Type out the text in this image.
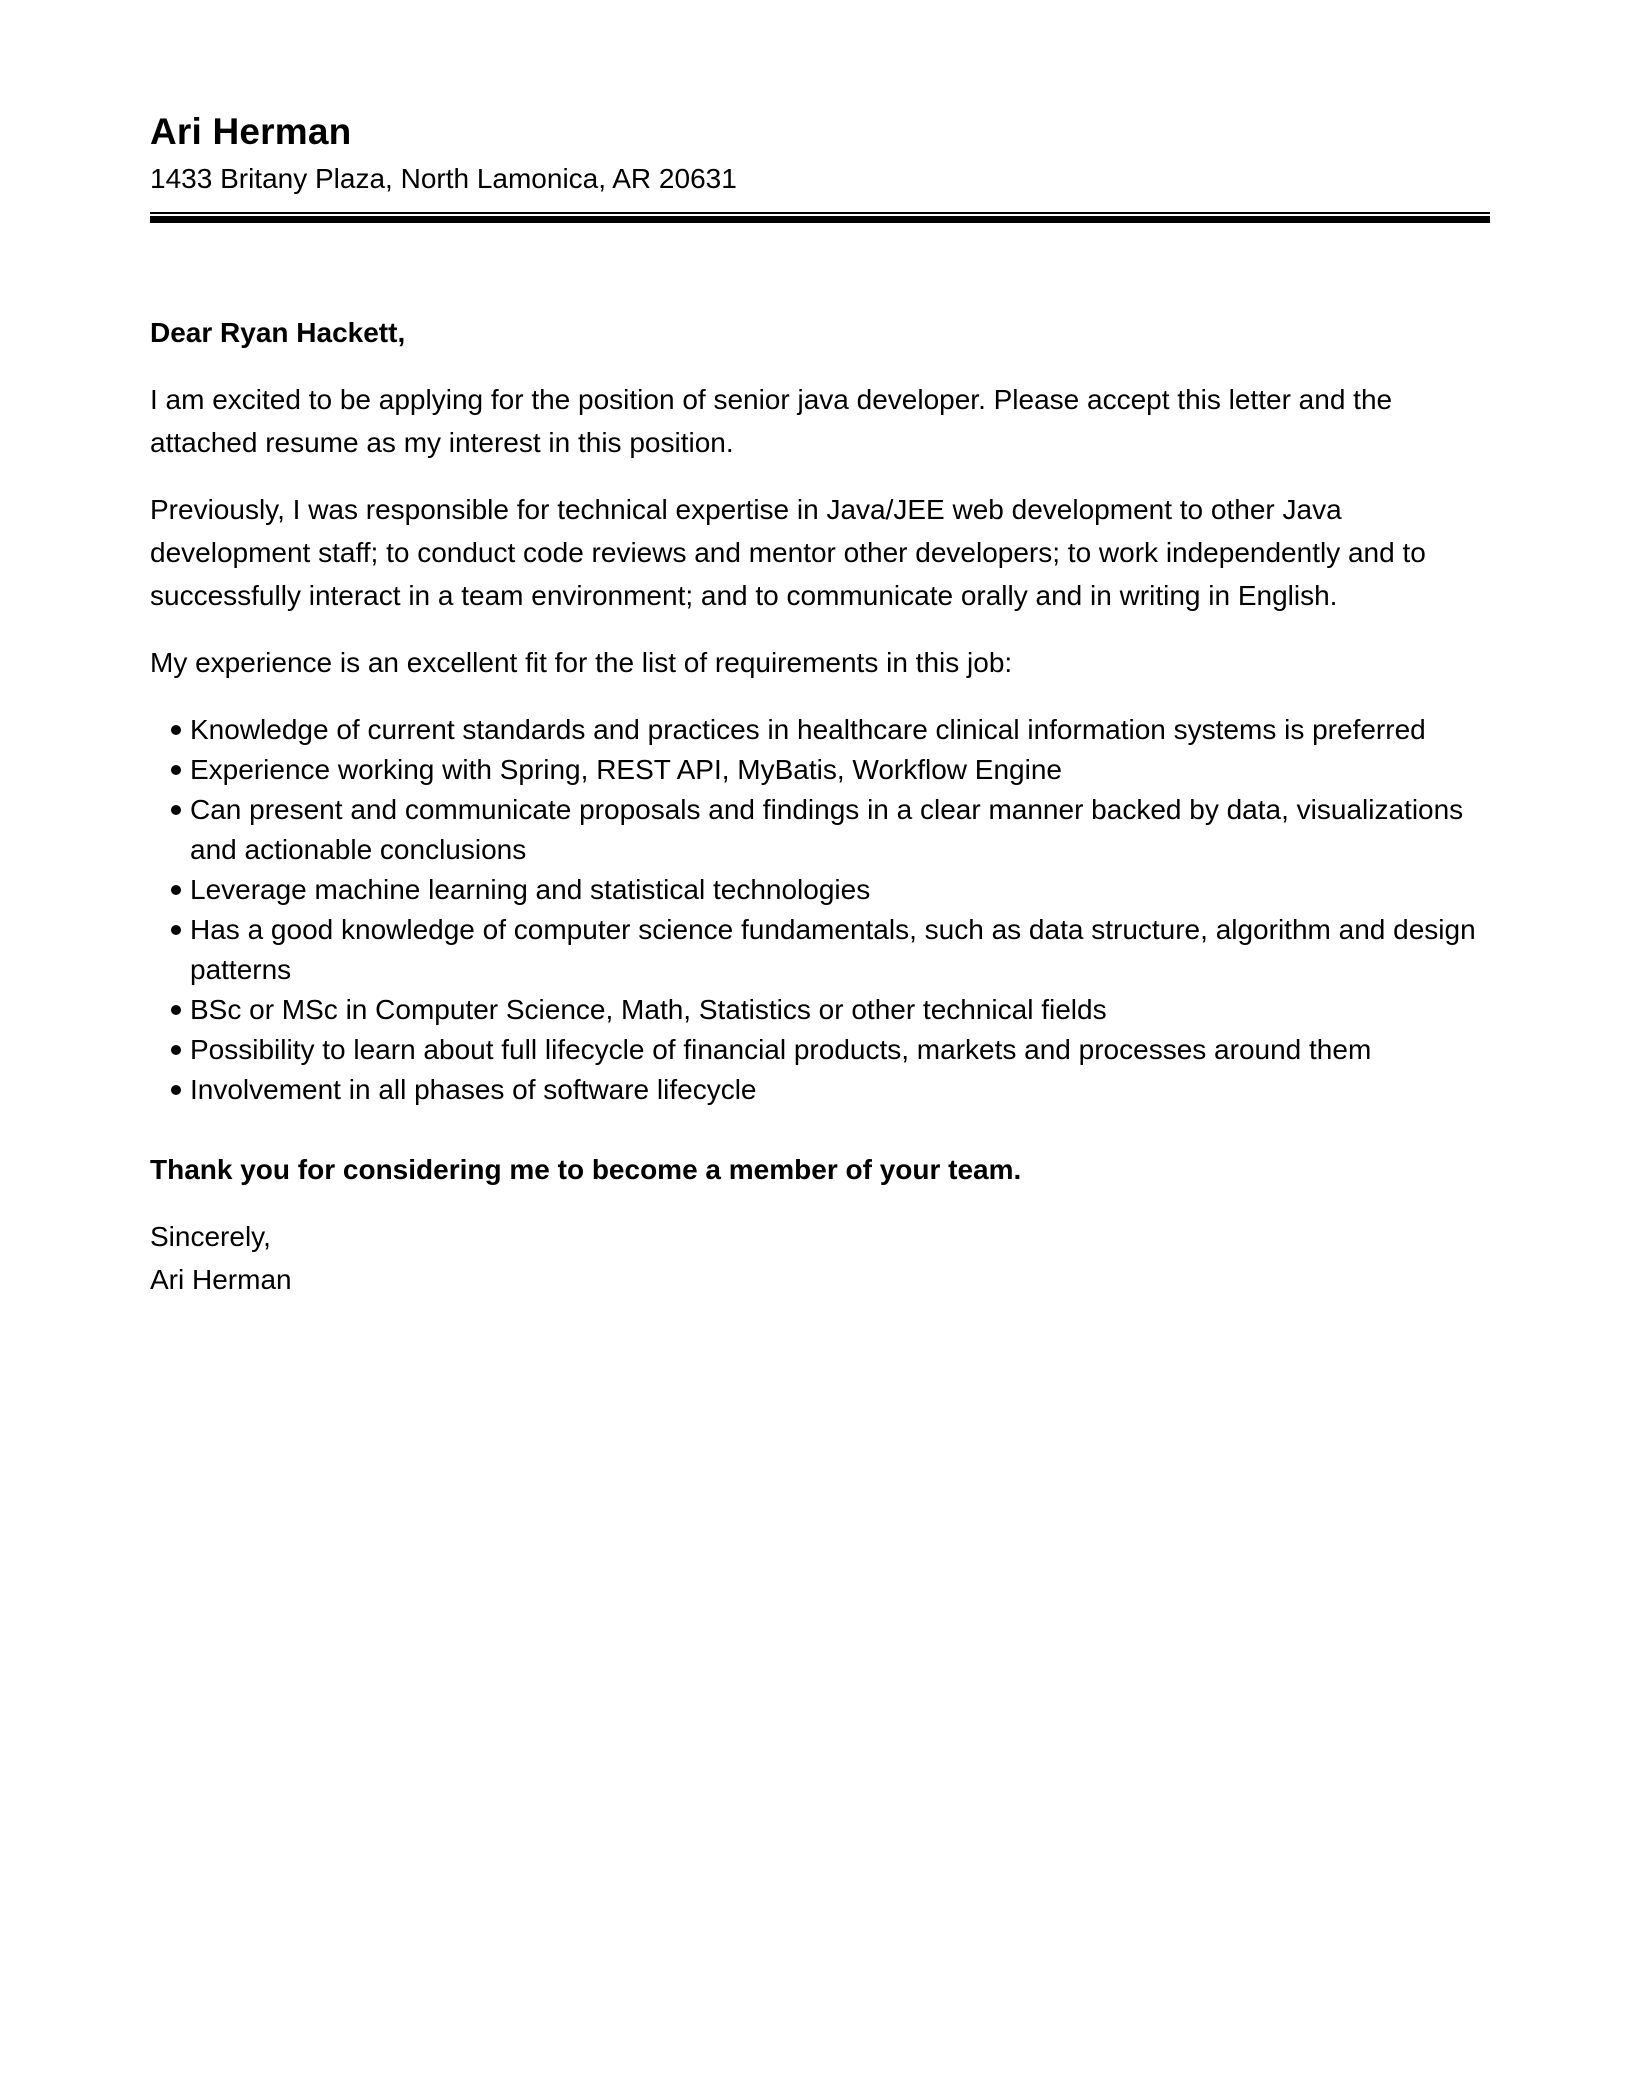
Ari Herman
1433 Britany Plaza, North Lamonica, AR 20631
Dear Ryan Hackett,
I am excited to be applying for the position of senior java developer. Please accept this letter and the attached resume as my interest in this position.
Previously, I was responsible for technical expertise in Java/JEE web development to other Java development staff; to conduct code reviews and mentor other developers; to work independently and to successfully interact in a team environment; and to communicate orally and in writing in English.
My experience is an excellent fit for the list of requirements in this job:
Knowledge of current standards and practices in healthcare clinical information systems is preferred
Experience working with Spring, REST API, MyBatis, Workflow Engine
Can present and communicate proposals and findings in a clear manner backed by data, visualizations and actionable conclusions
Leverage machine learning and statistical technologies
Has a good knowledge of computer science fundamentals, such as data structure, algorithm and design patterns
BSc or MSc in Computer Science, Math, Statistics or other technical fields
Possibility to learn about full lifecycle of financial products, markets and processes around them
Involvement in all phases of software lifecycle
Thank you for considering me to become a member of your team.
Sincerely,
Ari Herman
